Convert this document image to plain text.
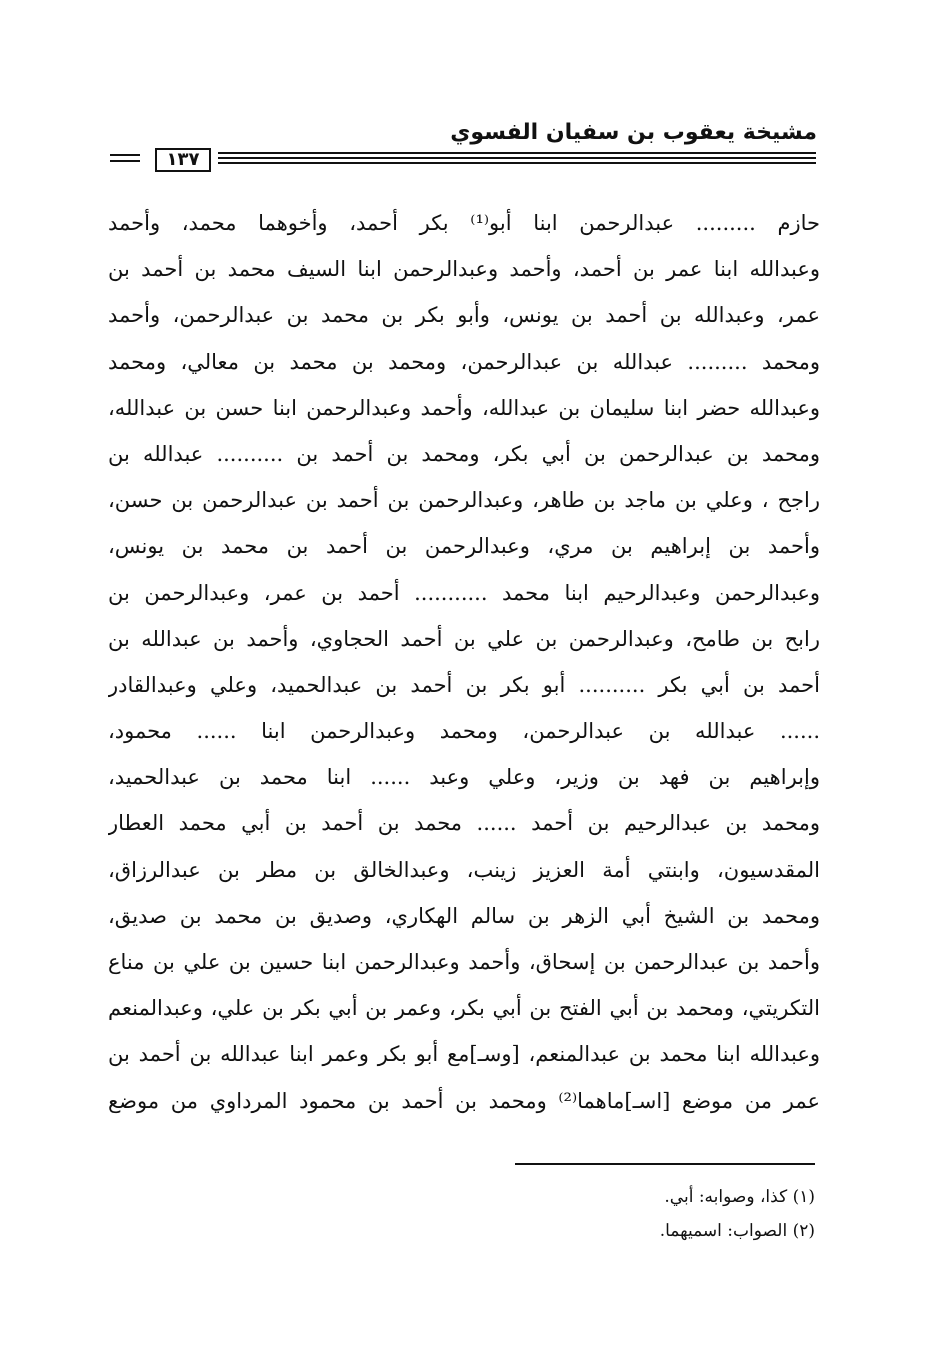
مشيخة يعقوب بن سفيان الفسوي
١٣٧
حازم ......... عبدالرحمن ابنا أبو⁽¹⁾ بكر أحمد، وأخوهما محمد، وأحمد
وعبدالله ابنا عمر بن أحمد، وأحمد وعبدالرحمن ابنا السيف محمد بن أحمد بن
عمر، وعبدالله بن أحمد بن يونس، وأبو بكر بن محمد بن عبدالرحمن، وأحمد
ومحمد ......... عبدالله بن عبدالرحمن، ومحمد بن محمد بن معالي، ومحمد
وعبدالله حضر ابنا سليمان بن عبدالله، وأحمد وعبدالرحمن ابنا حسن بن عبدالله،
ومحمد بن عبدالرحمن بن أبي بكر، ومحمد بن أحمد بن .......... عبدالله بن
راجح ، وعلي بن ماجد بن طاهر، وعبدالرحمن بن أحمد بن عبدالرحمن بن حسن،
وأحمد بن إبراهيم بن مري، وعبدالرحمن بن أحمد بن محمد بن يونس،
وعبدالرحمن وعبدالرحيم ابنا محمد ........... أحمد بن عمر، وعبدالرحمن بن
رابح بن طامح، وعبدالرحمن بن علي بن أحمد الحجاوي، وأحمد بن عبدالله بن
أحمد بن أبي بكر .......... أبو بكر بن أحمد بن عبدالحميد، وعلي وعبدالقادر
...... عبدالله بن عبدالرحمن، ومحمد وعبدالرحمن ابنا ...... محمود،
وإبراهيم بن فهد بن وزير، وعلي وعبد ...... ابنا محمد بن عبدالحميد،
ومحمد بن عبدالرحيم بن أحمد ...... محمد بن أحمد بن أبي محمد العطار
المقدسيون، وابنتي أمة العزيز زينب، وعبدالخالق بن مطر بن عبدالرزاق،
ومحمد بن الشيخ أبي الزهر بن سالم الهكاري، وصديق بن محمد بن صديق،
وأحمد بن عبدالرحمن بن إسحاق، وأحمد وعبدالرحمن ابنا حسين بن علي بن مناع
التكريتي، ومحمد بن أبي الفتح بن أبي بكر، وعمر بن أبي بكر بن علي، وعبدالمنعم
وعبدالله ابنا محمد بن عبدالمنعم، [وسـ]مع أبو بكر وعمر ابنا عبدالله بن أحمد بن
عمر من موضع [اسـ]ماهما⁽²⁾ ومحمد بن أحمد بن محمود المرداوي من موضع
(١) كذا، وصوابه: أبي.
(٢) الصواب: اسميهما.
